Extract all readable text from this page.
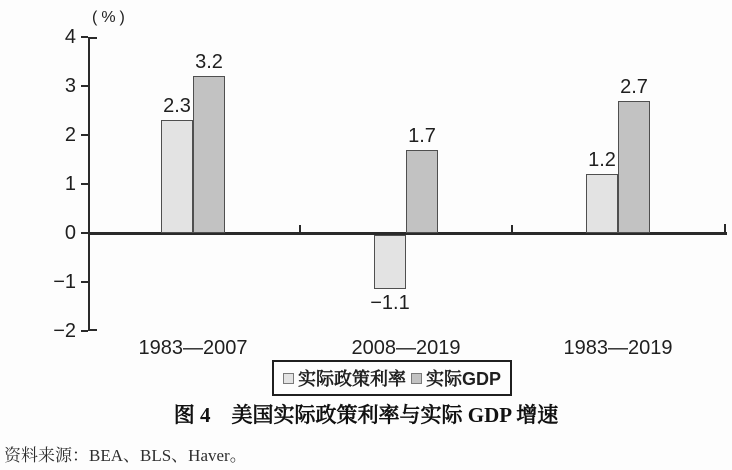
(%)
实际政策利率 实际GDP
4
3
2
1
0
−1
−2
2.3
−1.1
1.2
3.2
1.7
2.7
1983—2007	2008—2019	1983—2019
图 4　美国实际政策利率与实际 GDP 增速
资料来源：BEA、BLS、Haver。
